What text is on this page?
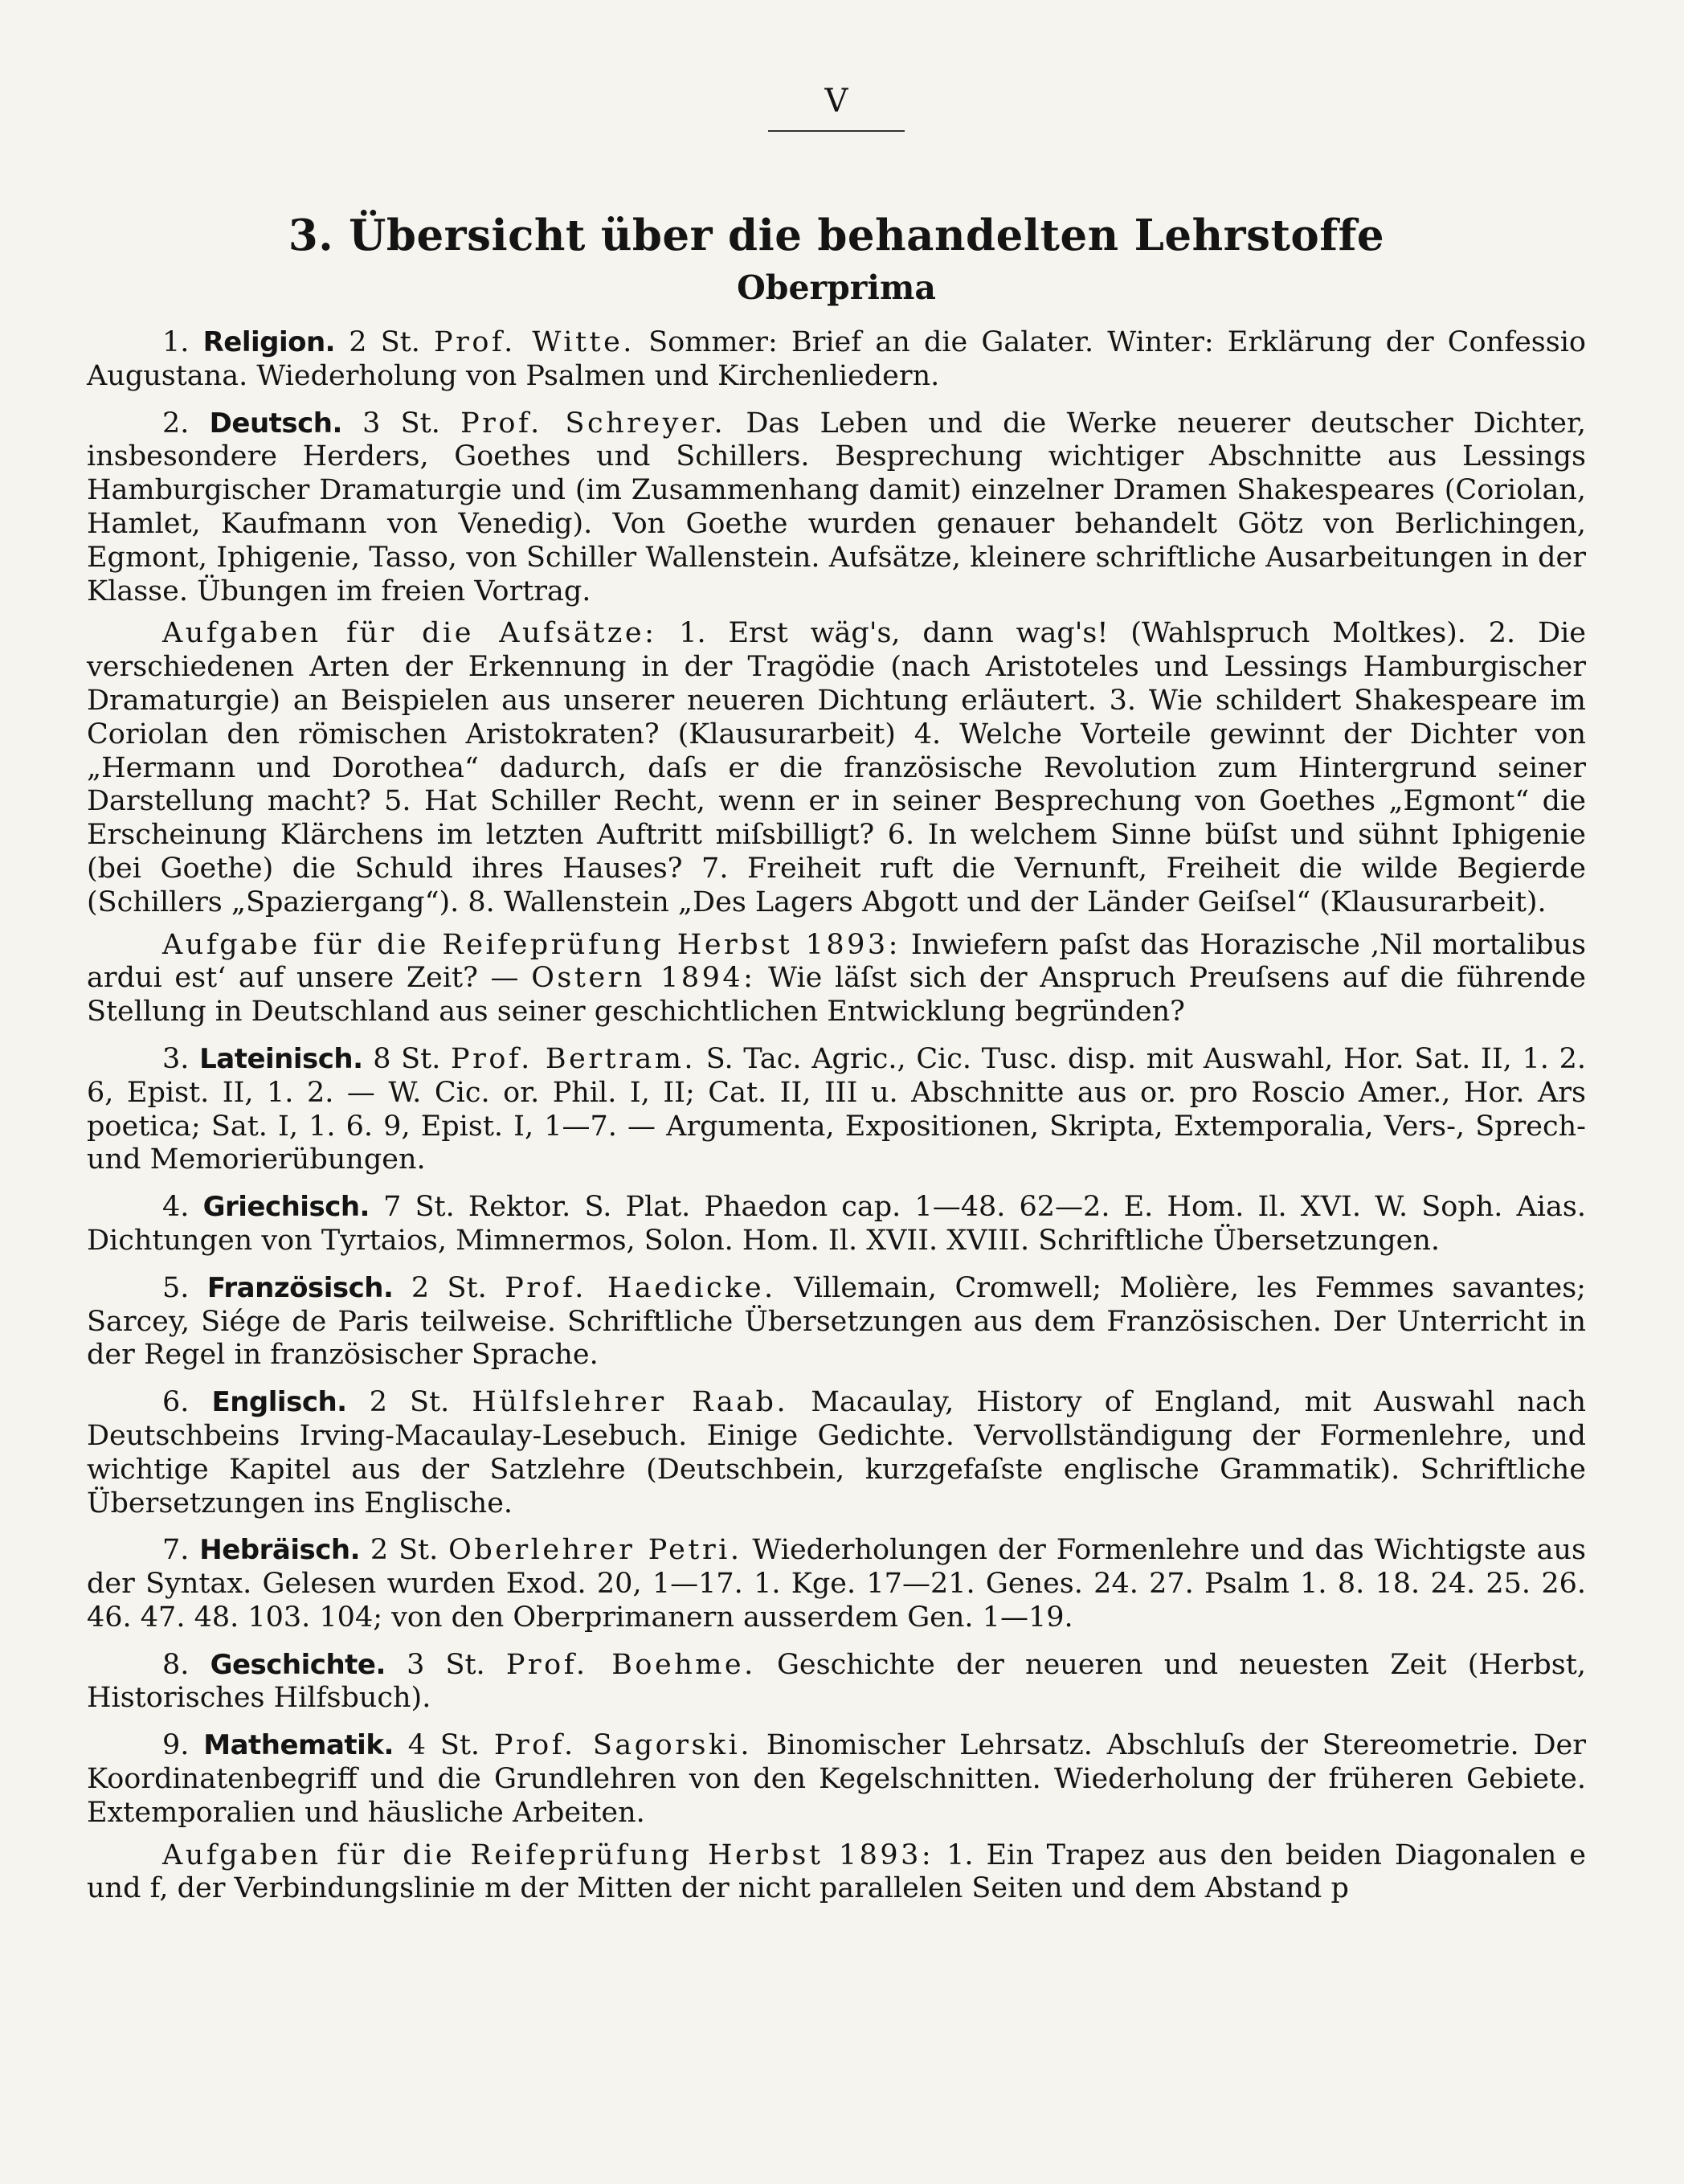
V
3. Übersicht über die behandelten Lehrstoffe
Oberprima

1. Religion. 2 St. Prof. Witte. Sommer: Brief an die Galater. Winter: Erklärung der Confessio Augustana. Wiederholung von Psalmen und Kirchenliedern.

2. Deutsch. 3 St. Prof. Schreyer. Das Leben und die Werke neuerer deutscher Dichter, insbesondere Herders, Goethes und Schillers. Besprechung wichtiger Abschnitte aus Lessings Hamburgischer Dramaturgie und (im Zusammenhang damit) einzelner Dramen Shakespeares (Coriolan, Hamlet, Kaufmann von Venedig). Von Goethe wurden genauer behandelt Götz von Berlichingen, Egmont, Iphigenie, Tasso, von Schiller Wallenstein. Aufsätze, kleinere schriftliche Ausarbeitungen in der Klasse. Übungen im freien Vortrag.

Aufgaben für die Aufsätze: 1. Erst wäg's, dann wag's! (Wahlspruch Moltkes). 2. Die verschiedenen Arten der Erkennung in der Tragödie (nach Aristoteles und Lessings Hamburgischer Dramaturgie) an Beispielen aus unserer neueren Dichtung erläutert. 3. Wie schildert Shakespeare im Coriolan den römischen Aristokraten? (Klausurarbeit) 4. Welche Vorteile gewinnt der Dichter von „Hermann und Dorothea“ dadurch, daſs er die französische Revolution zum Hintergrund seiner Darstellung macht? 5. Hat Schiller Recht, wenn er in seiner Besprechung von Goethes „Egmont“ die Erscheinung Klärchens im letzten Auftritt miſsbilligt? 6. In welchem Sinne büſst und sühnt Iphigenie (bei Goethe) die Schuld ihres Hauses? 7. Freiheit ruft die Vernunft, Freiheit die wilde Begierde (Schillers „Spaziergang“). 8. Wallenstein „Des Lagers Abgott und der Länder Geiſsel“ (Klausurarbeit).

Aufgabe für die Reifeprüfung Herbst 1893: Inwiefern paſst das Horazische ‚Nil mortalibus ardui est‘ auf unsere Zeit? — Ostern 1894: Wie läſst sich der Anspruch Preuſsens auf die führende Stellung in Deutschland aus seiner geschichtlichen Entwicklung begründen?

3. Lateinisch. 8 St. Prof. Bertram. S. Tac. Agric., Cic. Tusc. disp. mit Auswahl, Hor. Sat. II, 1. 2. 6, Epist. II, 1. 2. — W. Cic. or. Phil. I, II; Cat. II, III u. Abschnitte aus or. pro Roscio Amer., Hor. Ars poetica; Sat. I, 1. 6. 9, Epist. I, 1—7. — Argumenta, Expositionen, Skripta, Extemporalia, Vers-, Sprech- und Memorierübungen.

4. Griechisch. 7 St. Rektor. S. Plat. Phaedon cap. 1—48. 62—2. E. Hom. Il. XVI. W. Soph. Aias. Dichtungen von Tyrtaios, Mimnermos, Solon. Hom. Il. XVII. XVIII. Schriftliche Übersetzungen.

5. Französisch. 2 St. Prof. Haedicke. Villemain, Cromwell; Molière, les Femmes savantes; Sarcey, Siége de Paris teilweise. Schriftliche Übersetzungen aus dem Französischen. Der Unterricht in der Regel in französischer Sprache.

6. Englisch. 2 St. Hülfslehrer Raab. Macaulay, History of England, mit Auswahl nach Deutschbeins Irving-Macaulay-Lesebuch. Einige Gedichte. Vervollständigung der Formenlehre, und wichtige Kapitel aus der Satzlehre (Deutschbein, kurzgefaſste englische Grammatik). Schriftliche Übersetzungen ins Englische.

7. Hebräisch. 2 St. Oberlehrer Petri. Wiederholungen der Formenlehre und das Wichtigste aus der Syntax. Gelesen wurden Exod. 20, 1—17. 1. Kge. 17—21. Genes. 24. 27. Psalm 1. 8. 18. 24. 25. 26. 46. 47. 48. 103. 104; von den Oberprimanern ausserdem Gen. 1—19.

8. Geschichte. 3 St. Prof. Boehme. Geschichte der neueren und neuesten Zeit (Herbst, Historisches Hilfsbuch).

9. Mathematik. 4 St. Prof. Sagorski. Binomischer Lehrsatz. Abschluſs der Stereometrie. Der Koordinatenbegriff und die Grundlehren von den Kegelschnitten. Wiederholung der früheren Gebiete. Extemporalien und häusliche Arbeiten.

Aufgaben für die Reifeprüfung Herbst 1893: 1. Ein Trapez aus den beiden Diagonalen e und f, der Verbindungslinie m der Mitten der nicht parallelen Seiten und dem Abstand p
